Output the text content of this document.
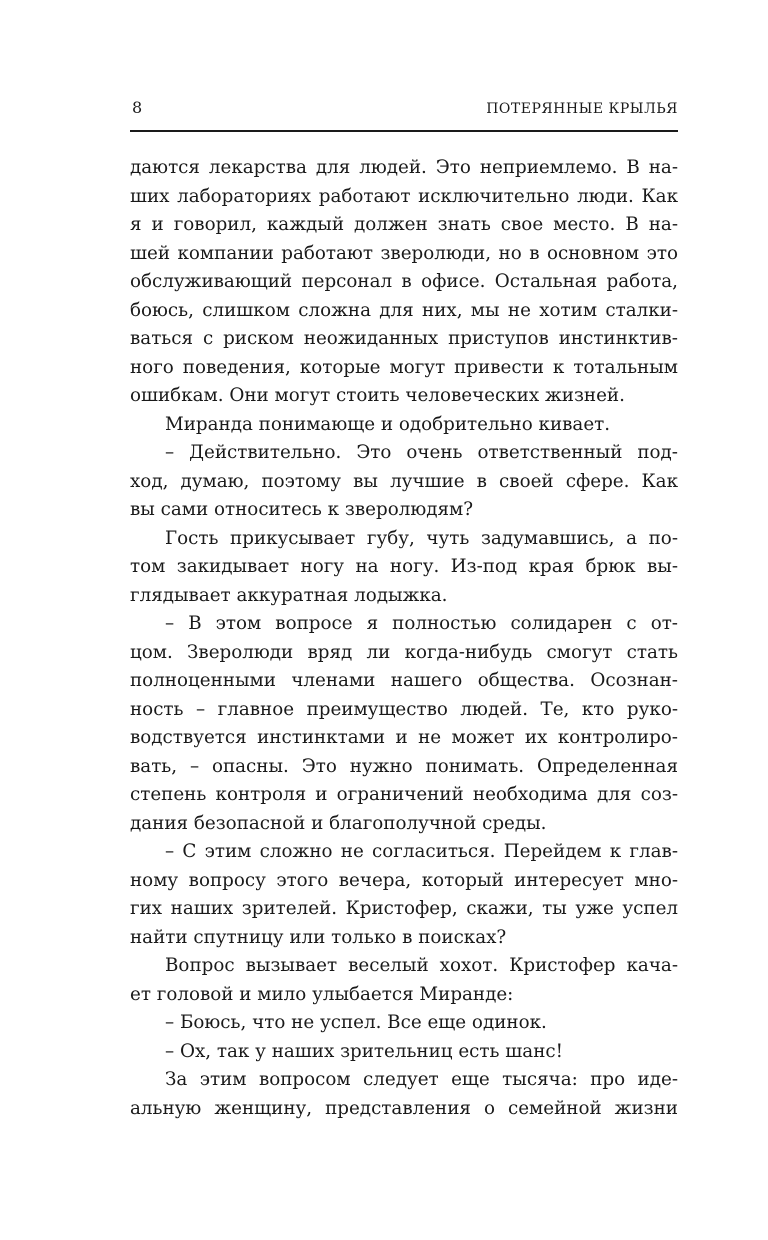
8	ПОТЕРЯННЫЕ КРЫЛЬЯ
даются лекарства для людей. Это неприемлемо. В на-
ших лабораториях работают исключительно люди. Как
я и говорил, каждый должен знать свое место. В на-
шей компании работают зверолюди, но в основном это
обслуживающий персонал в офисе. Остальная работа,
боюсь, слишком сложна для них, мы не хотим сталки-
ваться с риском неожиданных приступов инстинктив-
ного поведения, которые могут привести к тотальным
ошибкам. Они могут стоить человеческих жизней.
Миранда понимающе и одобрительно кивает.
– Действительно. Это очень ответственный под-
ход, думаю, поэтому вы лучшие в своей сфере. Как
вы сами относитесь к зверолюдям?
Гость прикусывает губу, чуть задумавшись, а по-
том закидывает ногу на ногу. Из-под края брюк вы-
глядывает аккуратная лодыжка.
– В этом вопросе я полностью солидарен с от-
цом. Зверолюди вряд ли когда-нибудь смогут стать
полноценными членами нашего общества. Осознан-
ность – главное преимущество людей. Те, кто руко-
водствуется инстинктами и не может их контролиро-
вать, – опасны. Это нужно понимать. Определенная
степень контроля и ограничений необходима для соз-
дания безопасной и благополучной среды.
– С этим сложно не согласиться. Перейдем к глав-
ному вопросу этого вечера, который интересует мно-
гих наших зрителей. Кристофер, скажи, ты уже успел
найти спутницу или только в поисках?
Вопрос вызывает веселый хохот. Кристофер кача-
ет головой и мило улыбается Миранде:
– Боюсь, что не успел. Все еще одинок.
– Ох, так у наших зрительниц есть шанс!
За этим вопросом следует еще тысяча: про иде-
альную женщину, представления о семейной жизни
